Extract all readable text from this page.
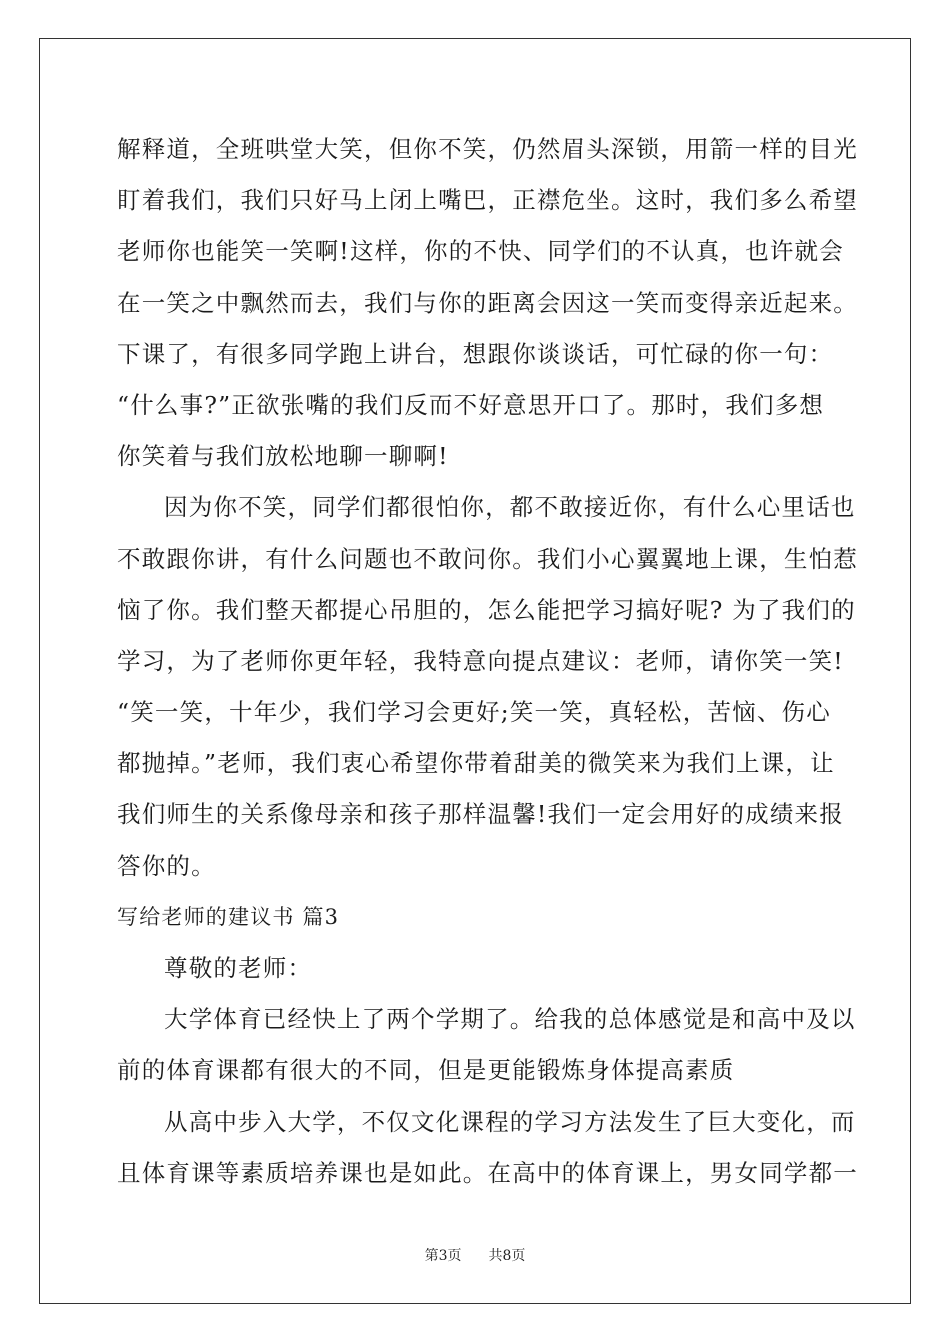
解释道，全班哄堂大笑，但你不笑，仍然眉头深锁，用箭一样的目光
盯着我们，我们只好马上闭上嘴巴，正襟危坐。这时，我们多么希望
老师你也能笑一笑啊!这样，你的不快、同学们的不认真，也许就会
在一笑之中飘然而去，我们与你的距离会因这一笑而变得亲近起来。
下课了，有很多同学跑上讲台，想跟你谈谈话，可忙碌的你一句：
“什么事?”正欲张嘴的我们反而不好意思开口了。那时，我们多想
你笑着与我们放松地聊一聊啊!
因为你不笑，同学们都很怕你，都不敢接近你，有什么心里话也
不敢跟你讲，有什么问题也不敢问你。我们小心翼翼地上课，生怕惹
恼了你。我们整天都提心吊胆的，怎么能把学习搞好呢? 为了我们的
学习，为了老师你更年轻，我特意向提点建议：老师，请你笑一笑!
“笑一笑，十年少，我们学习会更好;笑一笑，真轻松，苦恼、伤心
都抛掉。”老师，我们衷心希望你带着甜美的微笑来为我们上课，让
我们师生的关系像母亲和孩子那样温馨!我们一定会用好的成绩来报
答你的。
写给老师的建议书 篇3
尊敬的老师：
大学体育已经快上了两个学期了。给我的总体感觉是和高中及以
前的体育课都有很大的不同，但是更能锻炼身体提高素质
从高中步入大学，不仅文化课程的学习方法发生了巨大变化，而
且体育课等素质培养课也是如此。在高中的体育课上，男女同学都一
第3页 共8页
